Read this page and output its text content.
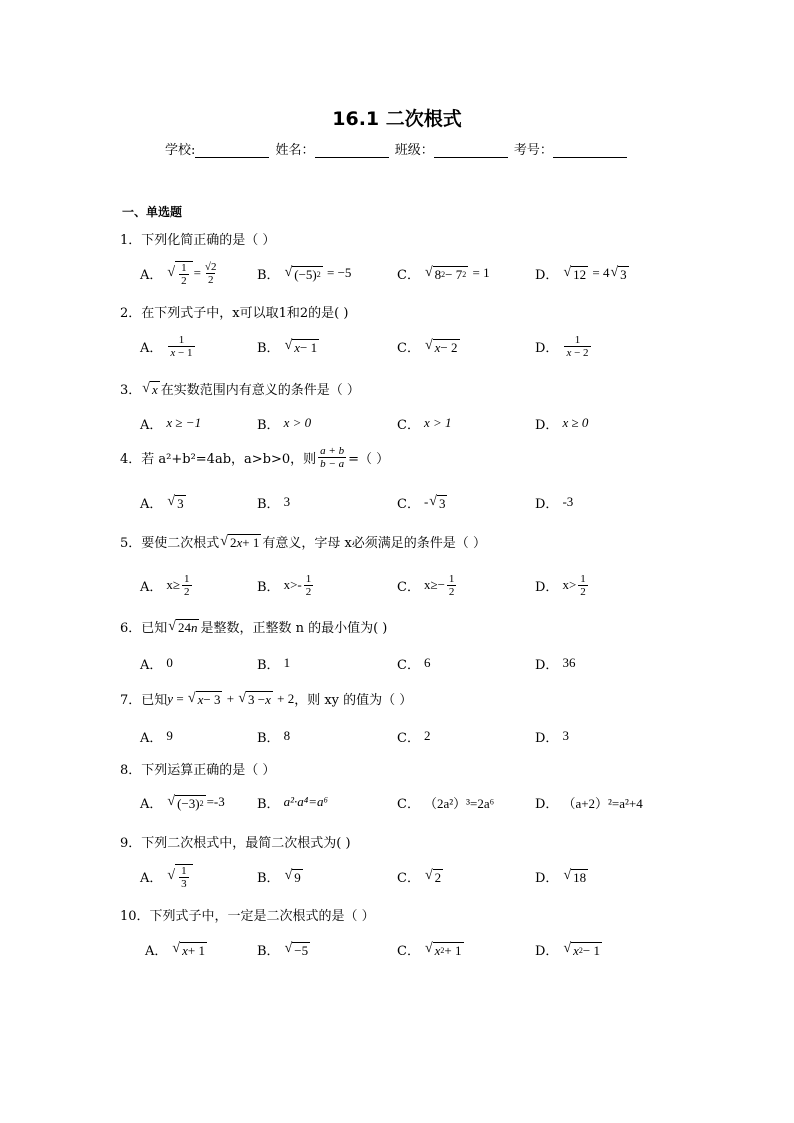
16.1 二次根式
学校:	姓名：	班级：	考号：
一、单选题
1．下列化简正确的是（ ）
A． √ $\frac{1}{2} = \frac{√2}{2}$	B． √ (−5) 2
= −5	C． √ 8 2 − 7 2
= 1	D． √ 12
= 4 √ 3
2．在下列式子中，x可以取1和2的是( )
A． $\frac{1}{x - 1}$	B． √ x − 1	C． √ x − 2	D． $\frac{1}{x - 2}$
3． √ x 在实数范围内有意义的条件是（ ）
A． x ≥ −1	B． x > 0	C． x > 1	D． x ≥ 0
4．若 a²+b²=4ab，a>b>0，则 $\frac{a + b}{b - a}$ =（ ）
A． √ 3	B． 3	C． - √ 3	D． -3
5．要使二次根式 √ 2 x + 1 有意义，字母 x必须满足的条件是（ ）
A． $x\ge \frac{1}{2}$	B． $x>- \frac{1}{2}$	C． $x\ge- \frac{1}{2}$	D． $x> \frac{1}{2}$
6．已知 √ 24 n 是整数，正整数 n 的最小值为( )
A． 0	B． 1	C． 6	D． 36
7．已知 y = √ x − 3 + √ 3 − x + 2 ，则 xy 的值为（ ）
A． 9	B． 8	C． 2	D． 3
8．下列运算正确的是（ ）
A． √ (−3) 2 =-3 B． a²·a⁴=a⁶	C． （2a²）³=2a⁶	D． （a+2）²=a²+4
9．下列二次根式中，最简二次根式为( )
A． √ $\frac{1}{3}$	B． √ 9	C． √ 2	D． √ 18
10．下列式子中，一定是二次根式的是（ ）
A． √ x + 1	B． √ −5	C． √ x 2 + 1	D． √ x 2 − 1
